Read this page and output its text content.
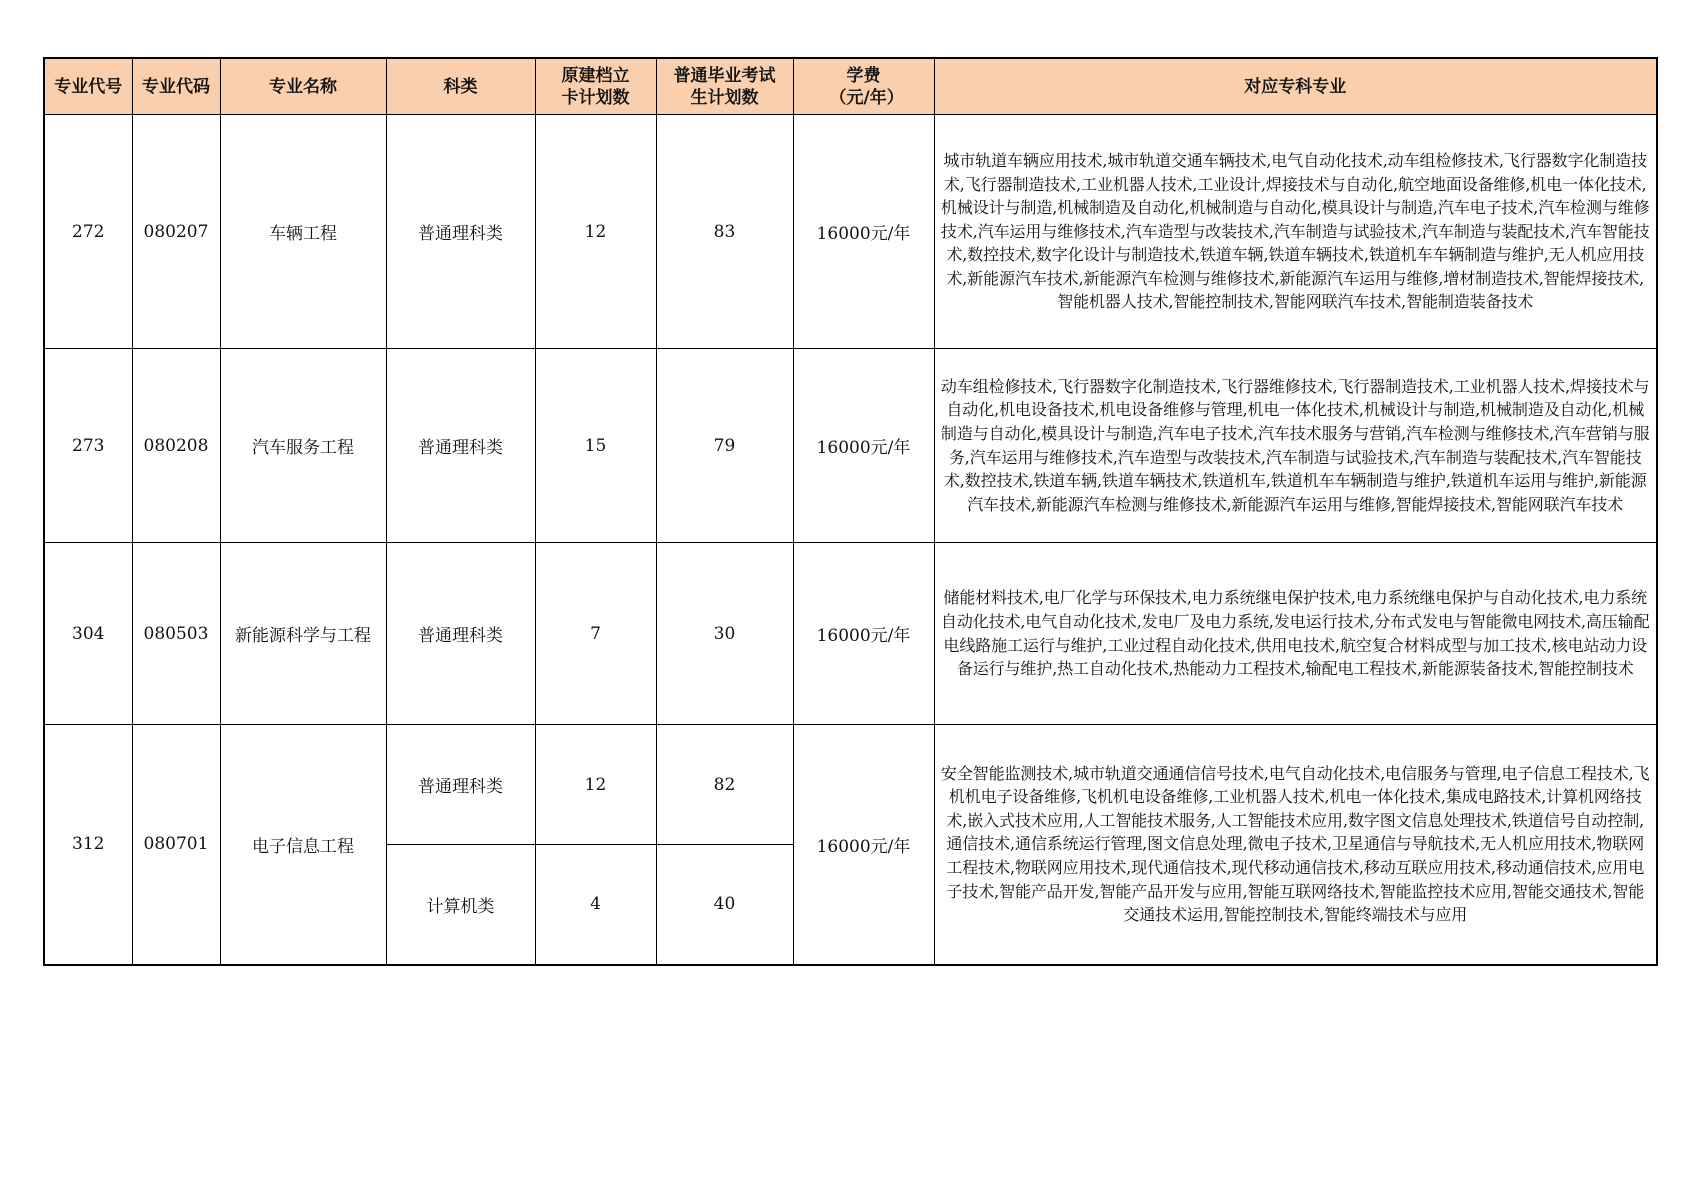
专业代号	专业代码	专业名称	科类	原建档立卡计划数	普通毕业考试生计划数	学费（元/年）	对应专科专业
272	080207	车辆工程	普通理科类	12	83	16000元/年	城市轨道车辆应用技术,城市轨道交通车辆技术,电气自动化技术,动车组检修技术,飞行器数字化制造技术,飞行器制造技术,工业机器人技术,工业设计,焊接技术与自动化,航空地面设备维修,机电一体化技术,机械设计与制造,机械制造及自动化,机械制造与自动化,模具设计与制造,汽车电子技术,汽车检测与维修技术,汽车运用与维修技术,汽车造型与改装技术,汽车制造与试验技术,汽车制造与装配技术,汽车智能技术,数控技术,数字化设计与制造技术,铁道车辆,铁道车辆技术,铁道机车车辆制造与维护,无人机应用技术,新能源汽车技术,新能源汽车检测与维修技术,新能源汽车运用与维修,增材制造技术,智能焊接技术,智能机器人技术,智能控制技术,智能网联汽车技术,智能制造装备技术
273	080208	汽车服务工程	普通理科类	15	79	16000元/年	动车组检修技术,飞行器数字化制造技术,飞行器维修技术,飞行器制造技术,工业机器人技术,焊接技术与自动化,机电设备技术,机电设备维修与管理,机电一体化技术,机械设计与制造,机械制造及自动化,机械制造与自动化,模具设计与制造,汽车电子技术,汽车技术服务与营销,汽车检测与维修技术,汽车营销与服务,汽车运用与维修技术,汽车造型与改装技术,汽车制造与试验技术,汽车制造与装配技术,汽车智能技术,数控技术,铁道车辆,铁道车辆技术,铁道机车,铁道机车车辆制造与维护,铁道机车运用与维护,新能源汽车技术,新能源汽车检测与维修技术,新能源汽车运用与维修,智能焊接技术,智能网联汽车技术
304	080503	新能源科学与工程	普通理科类	7	30	16000元/年	储能材料技术,电厂化学与环保技术,电力系统继电保护技术,电力系统继电保护与自动化技术,电力系统自动化技术,电气自动化技术,发电厂及电力系统,发电运行技术,分布式发电与智能微电网技术,高压输配电线路施工运行与维护,工业过程自动化技术,供用电技术,航空复合材料成型与加工技术,核电站动力设备运行与维护,热工自动化技术,热能动力工程技术,输配电工程技术,新能源装备技术,智能控制技术
312	080701	电子信息工程	普通理科类	12	82	16000元/年	安全智能监测技术,城市轨道交通通信信号技术,电气自动化技术,电信服务与管理,电子信息工程技术,飞机机电子设备维修,飞机机电设备维修,工业机器人技术,机电一体化技术,集成电路技术,计算机网络技术,嵌入式技术应用,人工智能技术服务,人工智能技术应用,数字图文信息处理技术,铁道信号自动控制,通信技术,通信系统运行管理,图文信息处理,微电子技术,卫星通信与导航技术,无人机应用技术,物联网工程技术,物联网应用技术,现代通信技术,现代移动通信技术,移动互联应用技术,移动通信技术,应用电子技术,智能产品开发,智能产品开发与应用,智能互联网络技术,智能监控技术应用,智能交通技术,智能交通技术运用,智能控制技术,智能终端技术与应用
			计算机类	4	40		
